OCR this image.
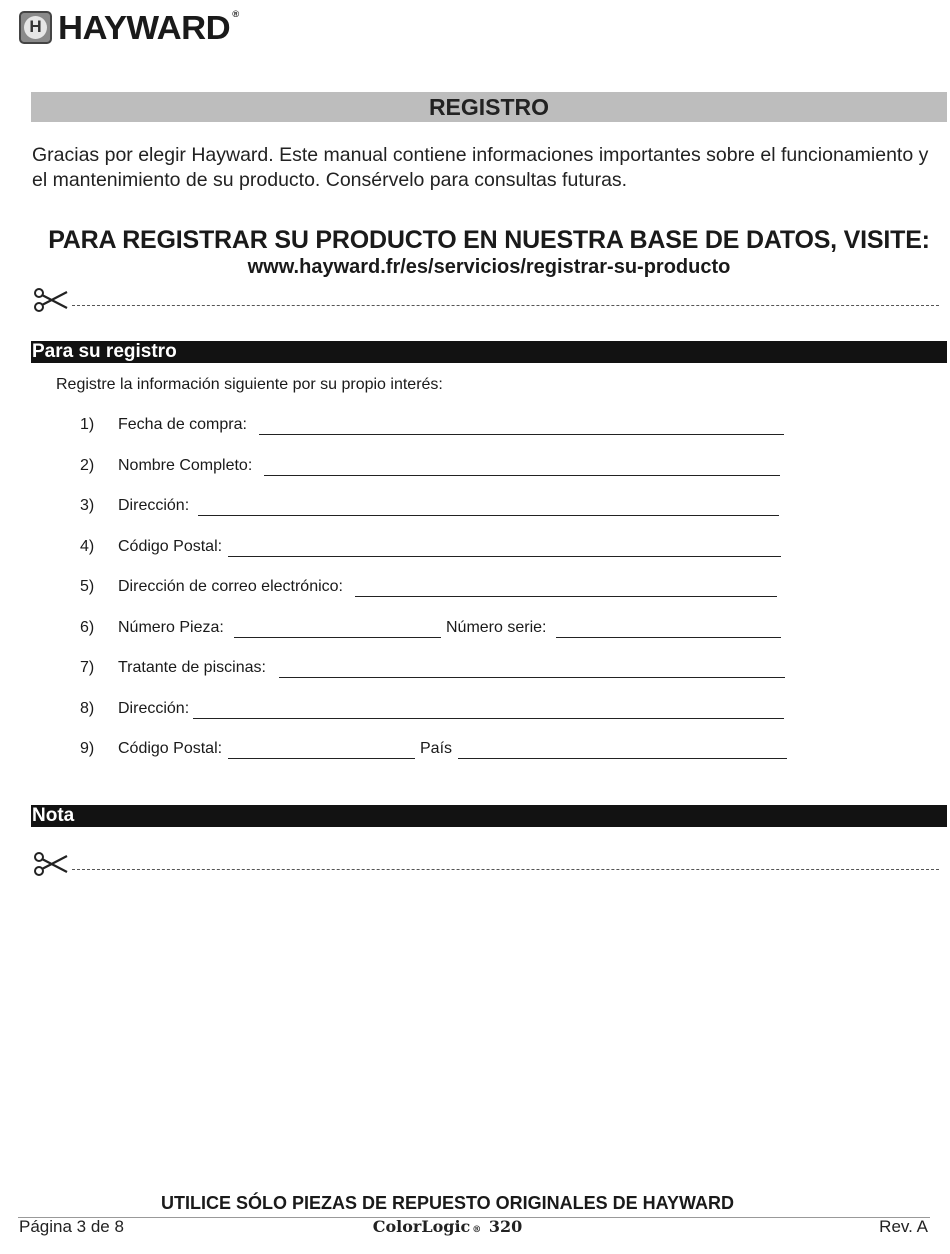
H HAYWARD ®
REGISTRO
Gracias por elegir Hayward. Este manual contiene informaciones importantes sobre el funcionamiento y el mantenimiento de su producto. Consérvelo para consultas futuras.
PARA REGISTRAR SU PRODUCTO EN NUESTRA BASE DE DATOS, VISITE:
www.hayward.fr/es/servicios/registrar-su-producto
Para su registro
Registre la información siguiente por su propio interés:
1) Fecha de compra:
2) Nombre Completo:
3) Dirección:
4) Código Postal:
5) Dirección de correo electrónico:
6) Número Pieza:	Número serie:
7) Tratante de piscinas:
8) Dirección:
9) Código Postal:	País
Nota
UTILICE SÓLO PIEZAS DE REPUESTO ORIGINALES DE HAYWARD
Página 3 de 8	ColorLogic ® 320	Rev. A
